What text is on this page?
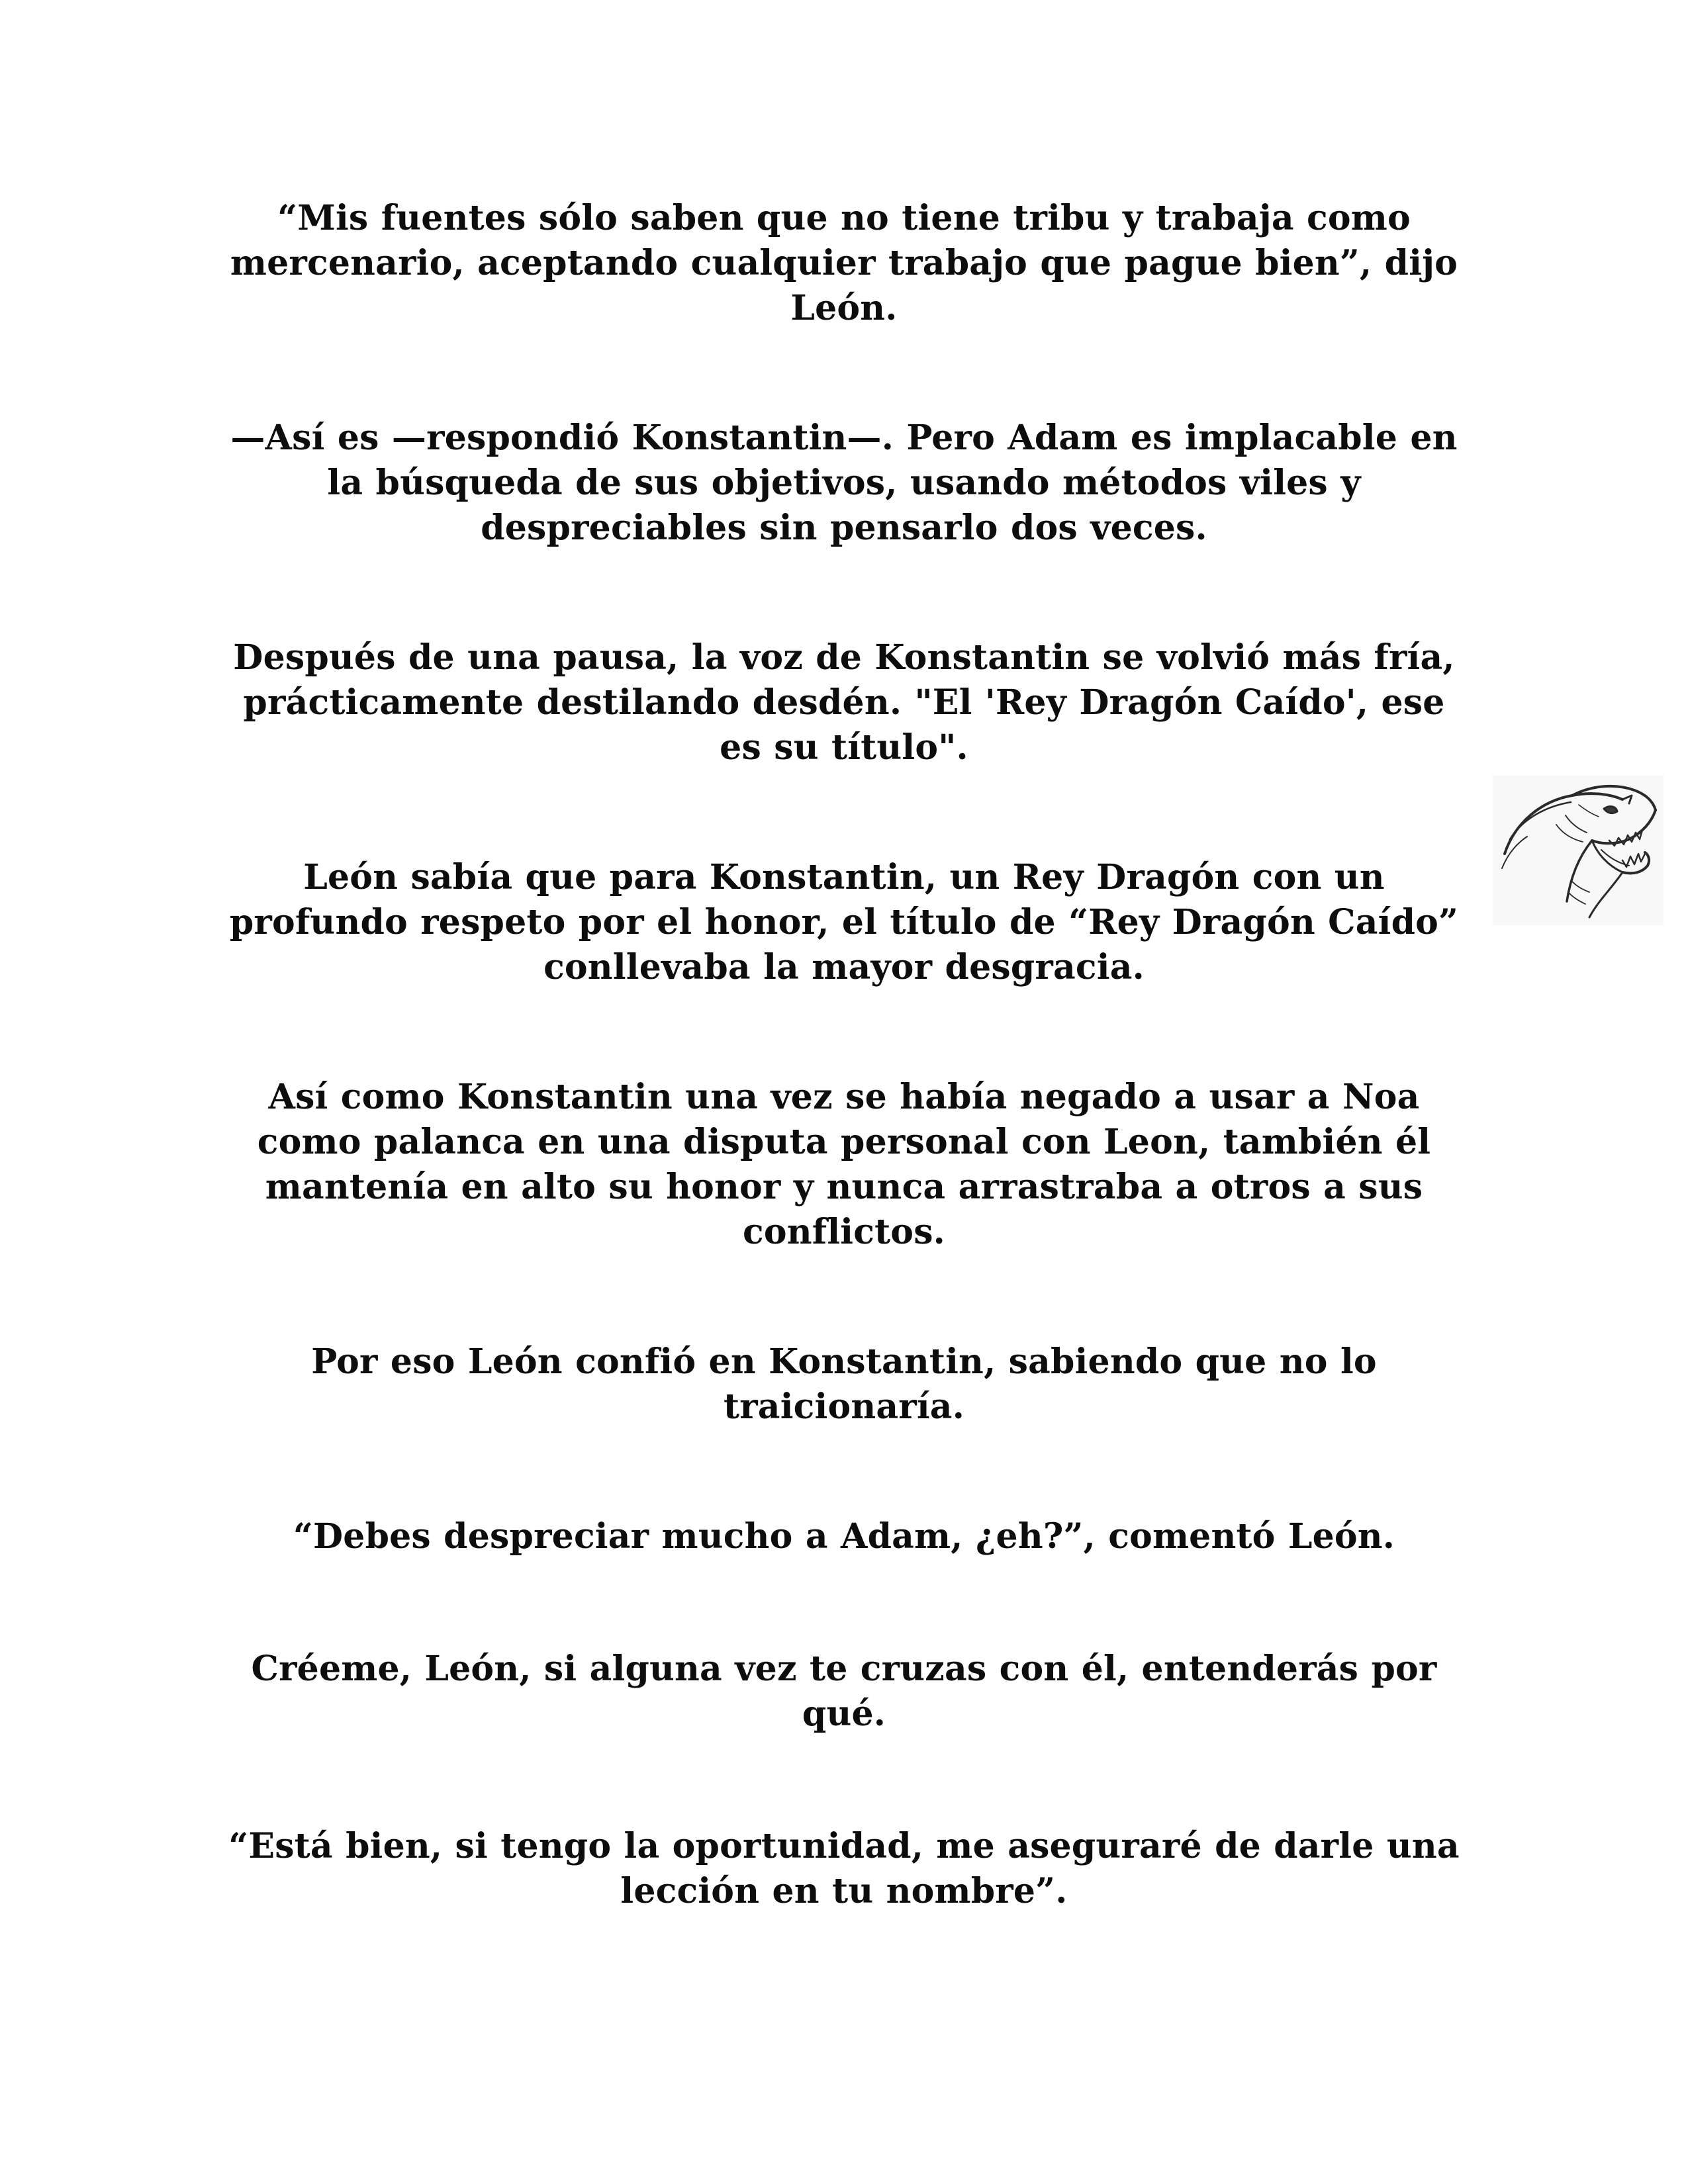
“Mis fuentes sólo saben que no tiene tribu y trabaja como mercenario, aceptando cualquier trabajo que pague bien”, dijo León.

—Así es —respondió Konstantin—. Pero Adam es implacable en la búsqueda de sus objetivos, usando métodos viles y despreciables sin pensarlo dos veces.

Después de una pausa, la voz de Konstantin se volvió más fría, prácticamente destilando desdén. "El 'Rey Dragón Caído', ese es su título".

León sabía que para Konstantin, un Rey Dragón con un profundo respeto por el honor, el título de “Rey Dragón Caído” conllevaba la mayor desgracia.

Así como Konstantin una vez se había negado a usar a Noa como palanca en una disputa personal con Leon, también él mantenía en alto su honor y nunca arrastraba a otros a sus conflictos.

Por eso León confió en Konstantin, sabiendo que no lo traicionaría.

“Debes despreciar mucho a Adam, ¿eh?”, comentó León.

Créeme, León, si alguna vez te cruzas con él, entenderás por qué.

“Está bien, si tengo la oportunidad, me aseguraré de darle una lección en tu nombre”.
